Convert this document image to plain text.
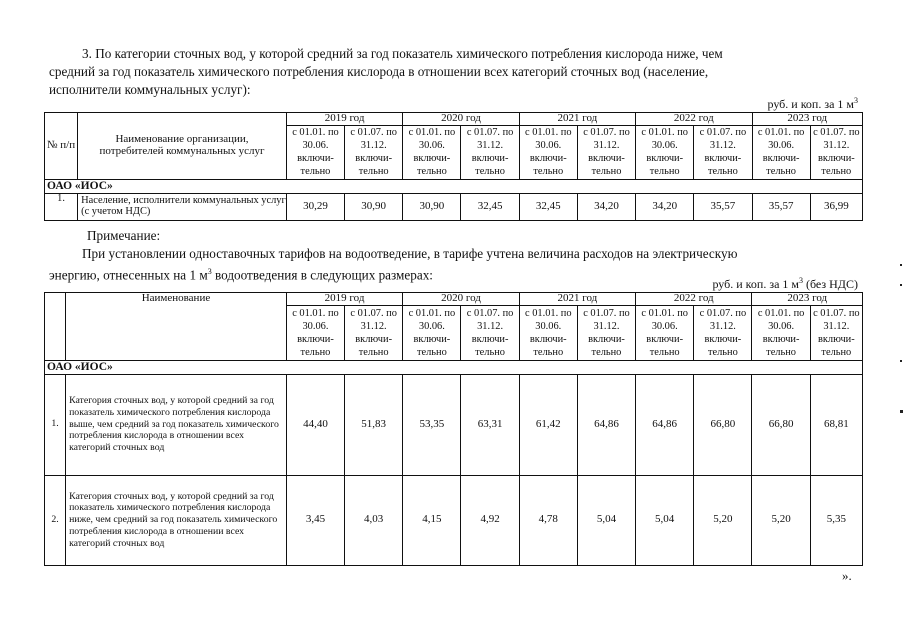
3. По категории сточных вод, у которой средний за год показатель химического потребления кислорода ниже, чем
средний за год показатель химического потребления кислорода в отношении всех категорий сточных вод (население,
исполнители коммунальных услуг):
руб. и коп. за 1 $м^3$
№ п/п	Наименование организации, потребителей коммунальных услуг	2019 год		2020 год		2021 год		2022 год		2023 год	
		с 01.01. по 30.06. включи-тельно	с 01.07. по 31.12. включи-тельно	с 01.01. по 30.06. включи-тельно	с 01.07. по 31.12. включи-тельно	с 01.01. по 30.06. включи-тельно	с 01.07. по 31.12. включи-тельно	с 01.01. по 30.06. включи-тельно	с 01.07. по 31.12. включи-тельно	с 01.01. по 30.06. включи-тельно	с 01.07. по 31.12. включи-тельно
ОАО «ИОС»											
1.	Население, исполнители коммунальных услуг (с учетом НДС)	30,29	30,90	30,90	32,45	32,45	34,20	34,20	35,57	35,57	36,99
Примечание:
При установлении одноставочных тарифов на водоотведение, в тарифе учтена величина расходов на электрическую
энергию, отнесенных на 1 $м^3$ водоотведения в следующих размерах:
руб. и коп. за 1 $м^3$ (без НДС)
	Наименование	2019 год		2020 год		2021 год		2022 год		2023 год	
		с 01.01. по 30.06. включи-тельно	с 01.07. по 31.12. включи-тельно	с 01.01. по 30.06. включи-тельно	с 01.07. по 31.12. включи-тельно	с 01.01. по 30.06. включи-тельно	с 01.07. по 31.12. включи-тельно	с 01.01. по 30.06. включи-тельно	с 01.07. по 31.12. включи-тельно	с 01.01. по 30.06. включи-тельно	с 01.07. по 31.12. включи-тельно
ОАО «ИОС»											
1.	Категория сточных вод, у которой средний за год показатель химического потребления кислорода выше, чем средний за год показатель химического потребления кислорода в отношении всех категорий сточных вод	44,40	51,83	53,35	63,31	61,42	64,86	64,86	66,80	66,80	68,81
2.	Категория сточных вод, у которой средний за год показатель химического потребления кислорода ниже, чем средний за год показатель химического потребления кислорода в отношении всех категорий сточных вод	3,45	4,03	4,15	4,92	4,78	5,04	5,04	5,20	5,20	5,35
».
